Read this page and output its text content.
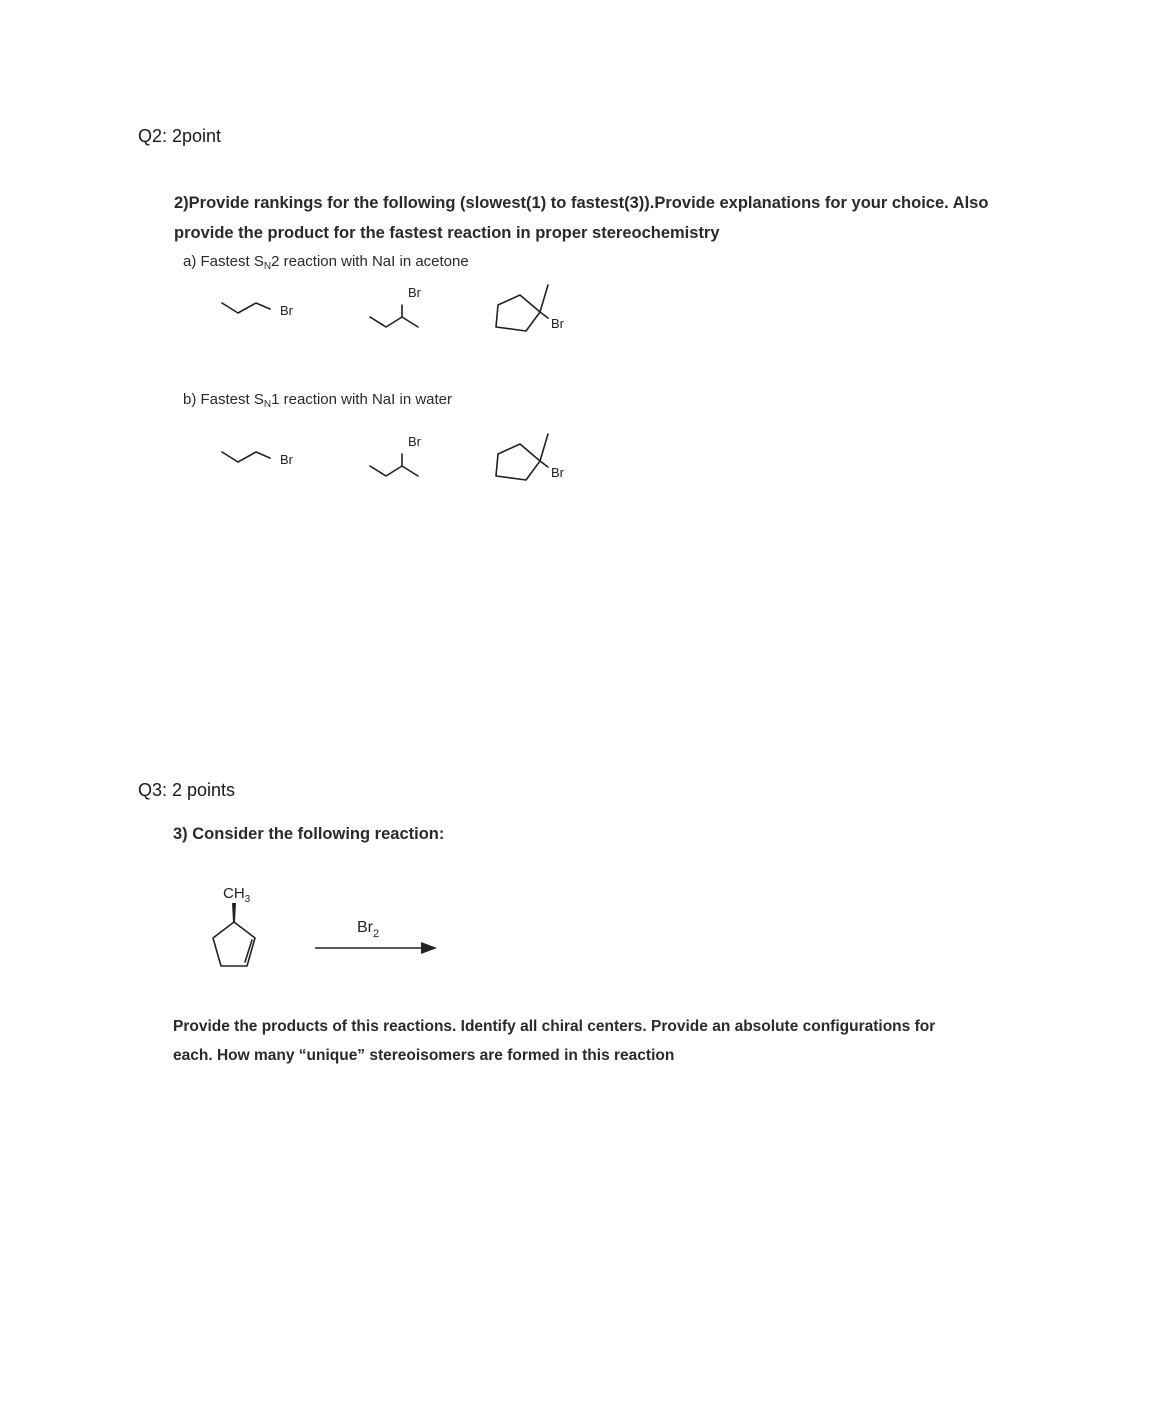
Q2: 2point
2)Provide rankings for the following (slowest(1) to fastest(3)).Provide explanations for your choice. Also
provide the product for the fastest reaction in proper stereochemistry
a) Fastest $S_N2$ reaction with NaI in acetone
Br
Br
Br
b) Fastest $S_N1$ reaction with NaI in water
Br
Br
Br
Q3: 2 points
3) Consider the following reaction:
$CH_3$
$Br_2$
Provide the products of this reactions. Identify all chiral centers. Provide an absolute configurations for
each. How many “unique” stereoisomers are formed in this reaction
